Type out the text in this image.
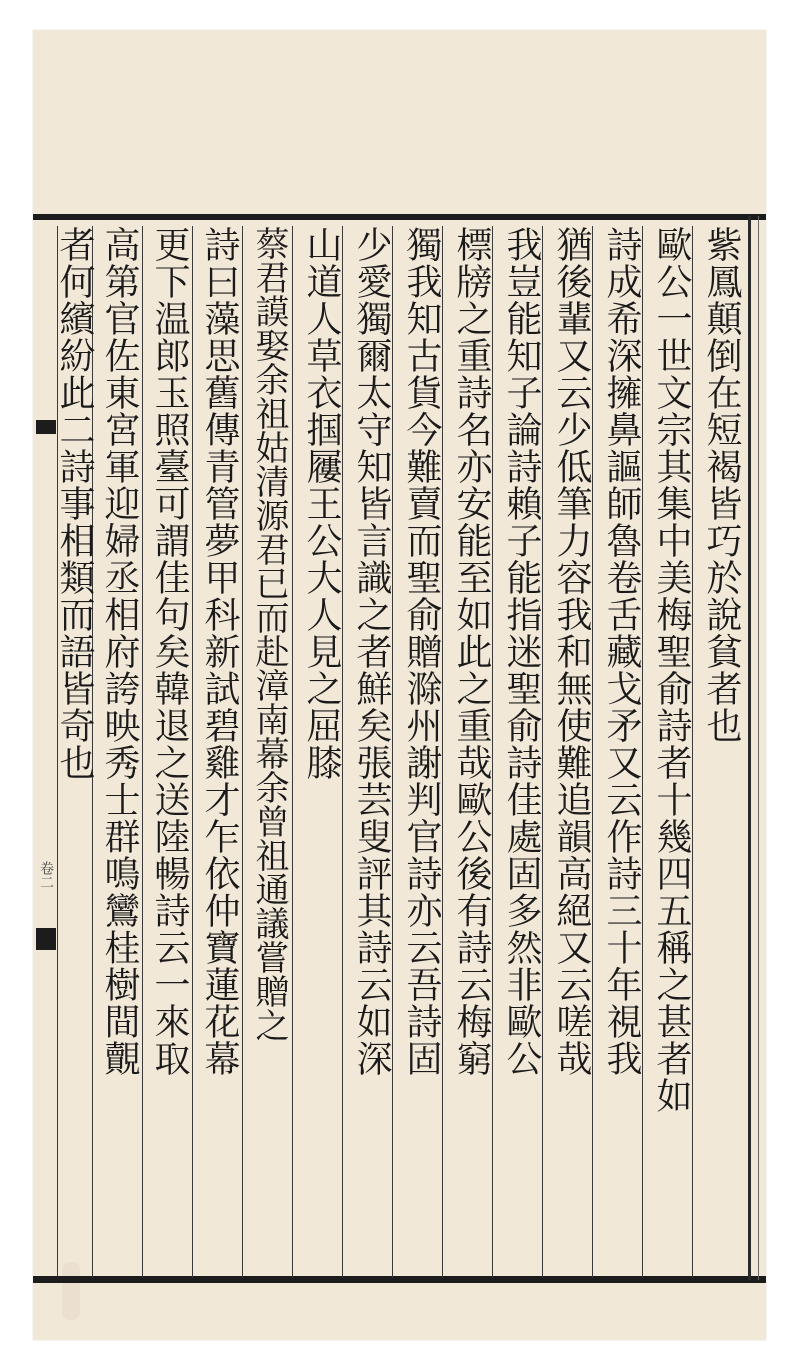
卷二
紫鳳顛倒在短褐皆巧於說貧者也
歐公一世文宗其集中美梅聖俞詩者十幾四五稱之甚者如
詩成希深擁鼻謳師魯卷舌藏戈矛又云作詩三十年視我
猶後輩又云少低筆力容我和無使難追韻高絕又云嗟哉
我豈能知子論詩賴子能指迷聖俞詩佳處固多然非歐公
標牓之重詩名亦安能至如此之重哉歐公後有詩云梅窮
獨我知古貨今難賣而聖俞贈滁州謝判官詩亦云吾詩固
少愛獨爾太守知皆言識之者鮮矣張芸叟評其詩云如深
山道人草衣掴屨王公大人見之屈膝
蔡君謨娶余祖姑清源君已而赴漳南幕余曾祖通議嘗贈之
詩曰藻思舊傳青管夢甲科新試碧雞才乍依仲寶蓮花幕
更下温郎玉照臺可謂佳句矣韓退之送陸暢詩云一來取
高第官佐東宮軍迎婦丞相府誇映秀士群鳴鸞桂樹間覿
者何繽紛此二詩事相類而語皆奇也
